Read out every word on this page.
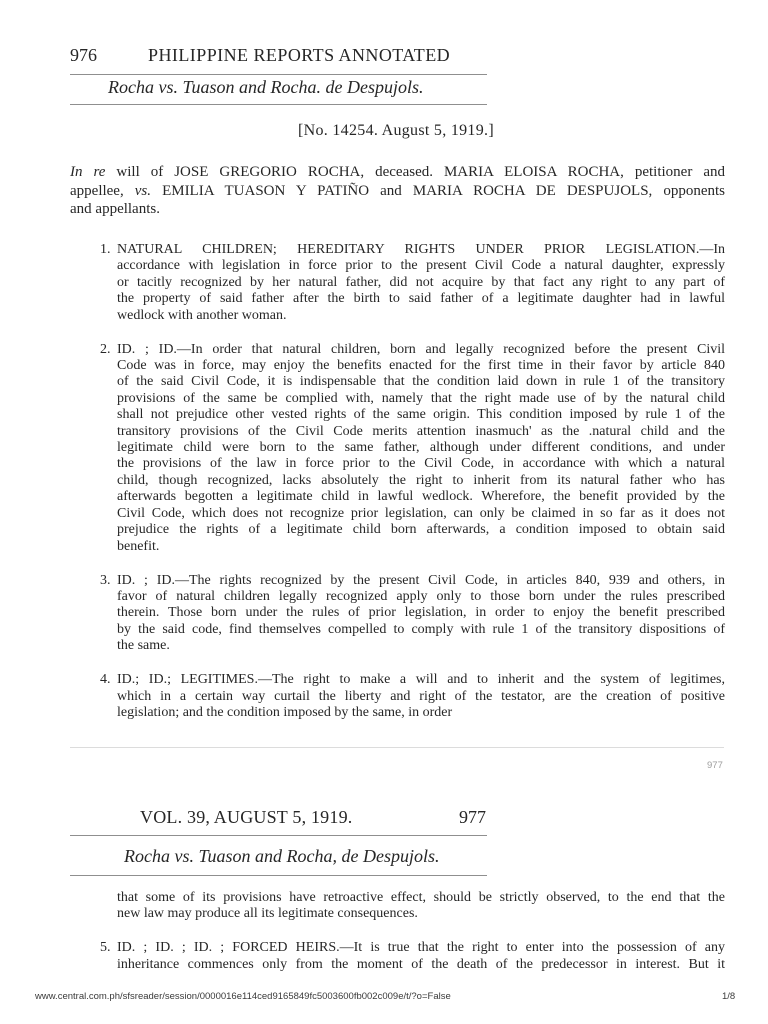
976	PHILIPPINE REPORTS ANNOTATED
Rocha vs. Tuason and Rocha. de Despujols.
[No. 14254. August 5, 1919.]
In re will of JOSE GREGORIO ROCHA, deceased. MARIA ELOISA ROCHA, petitioner and
appellee, vs. EMILIA TUASON Y PATIÑO and MARIA ROCHA DE DESPUJOLS, opponents
and appellants.
1. NATURAL CHILDREN; HEREDITARY RIGHTS UNDER PRIOR LEGISLATION.—In
accordance with legislation in force prior to the present Civil Code a natural daughter, expressly
or tacitly recognized by her natural father, did not acquire by that fact any right to any part of
the property of said father after the birth to said father of a legitimate daughter had in lawful
wedlock with another woman.
2. ID. ; ID.—In order that natural children, born and legally recognized before the present Civil
Code was in force, may enjoy the benefits enacted for the first time in their favor by article 840
of the said Civil Code, it is indispensable that the condition laid down in rule 1 of the transitory
provisions of the same be complied with, namely that the right made use of by the natural child
shall not prejudice other vested rights of the same origin. This condition imposed by rule 1 of the
transitory provisions of the Civil Code merits attention inasmuch' as the .natural child and the
legitimate child were born to the same father, although under different conditions, and under
the provisions of the law in force prior to the Civil Code, in accordance with which a natural
child, though recognized, lacks absolutely the right to inherit from its natural father who has
afterwards begotten a legitimate child in lawful wedlock. Wherefore, the benefit provided by the
Civil Code, which does not recognize prior legislation, can only be claimed in so far as it does not
prejudice the rights of a legitimate child born afterwards, a condition imposed to obtain said
benefit.
3. ID. ; ID.—The rights recognized by the present Civil Code, in articles 840, 939 and others, in
favor of natural children legally recognized apply only to those born under the rules prescribed
therein. Those born under the rules of prior legislation, in order to enjoy the benefit prescribed
by the said code, find themselves compelled to comply with rule 1 of the transitory dispositions of
the same.
4. ID.; ID.; LEGITIMES.—The right to make a will and to inherit and the system of legitimes,
which in a certain way curtail the liberty and right of the testator, are the creation of positive
legislation; and the condition imposed by the same, in order
977
VOL. 39, AUGUST 5, 1919.	977
Rocha vs. Tuason and Rocha, de Despujols.
that some of its provisions have retroactive effect, should be strictly observed, to the end that the
new law may produce all its legitimate consequences.
5. ID. ; ID. ; ID. ; FORCED HEIRS.—It is true that the right to enter into the possession of any
inheritance commences only from the moment of the death of the predecessor in interest. But it
www.central.com.ph/sfsreader/session/0000016e114ced9165849fc5003600fb002c009e/t/?o=False	1/8
